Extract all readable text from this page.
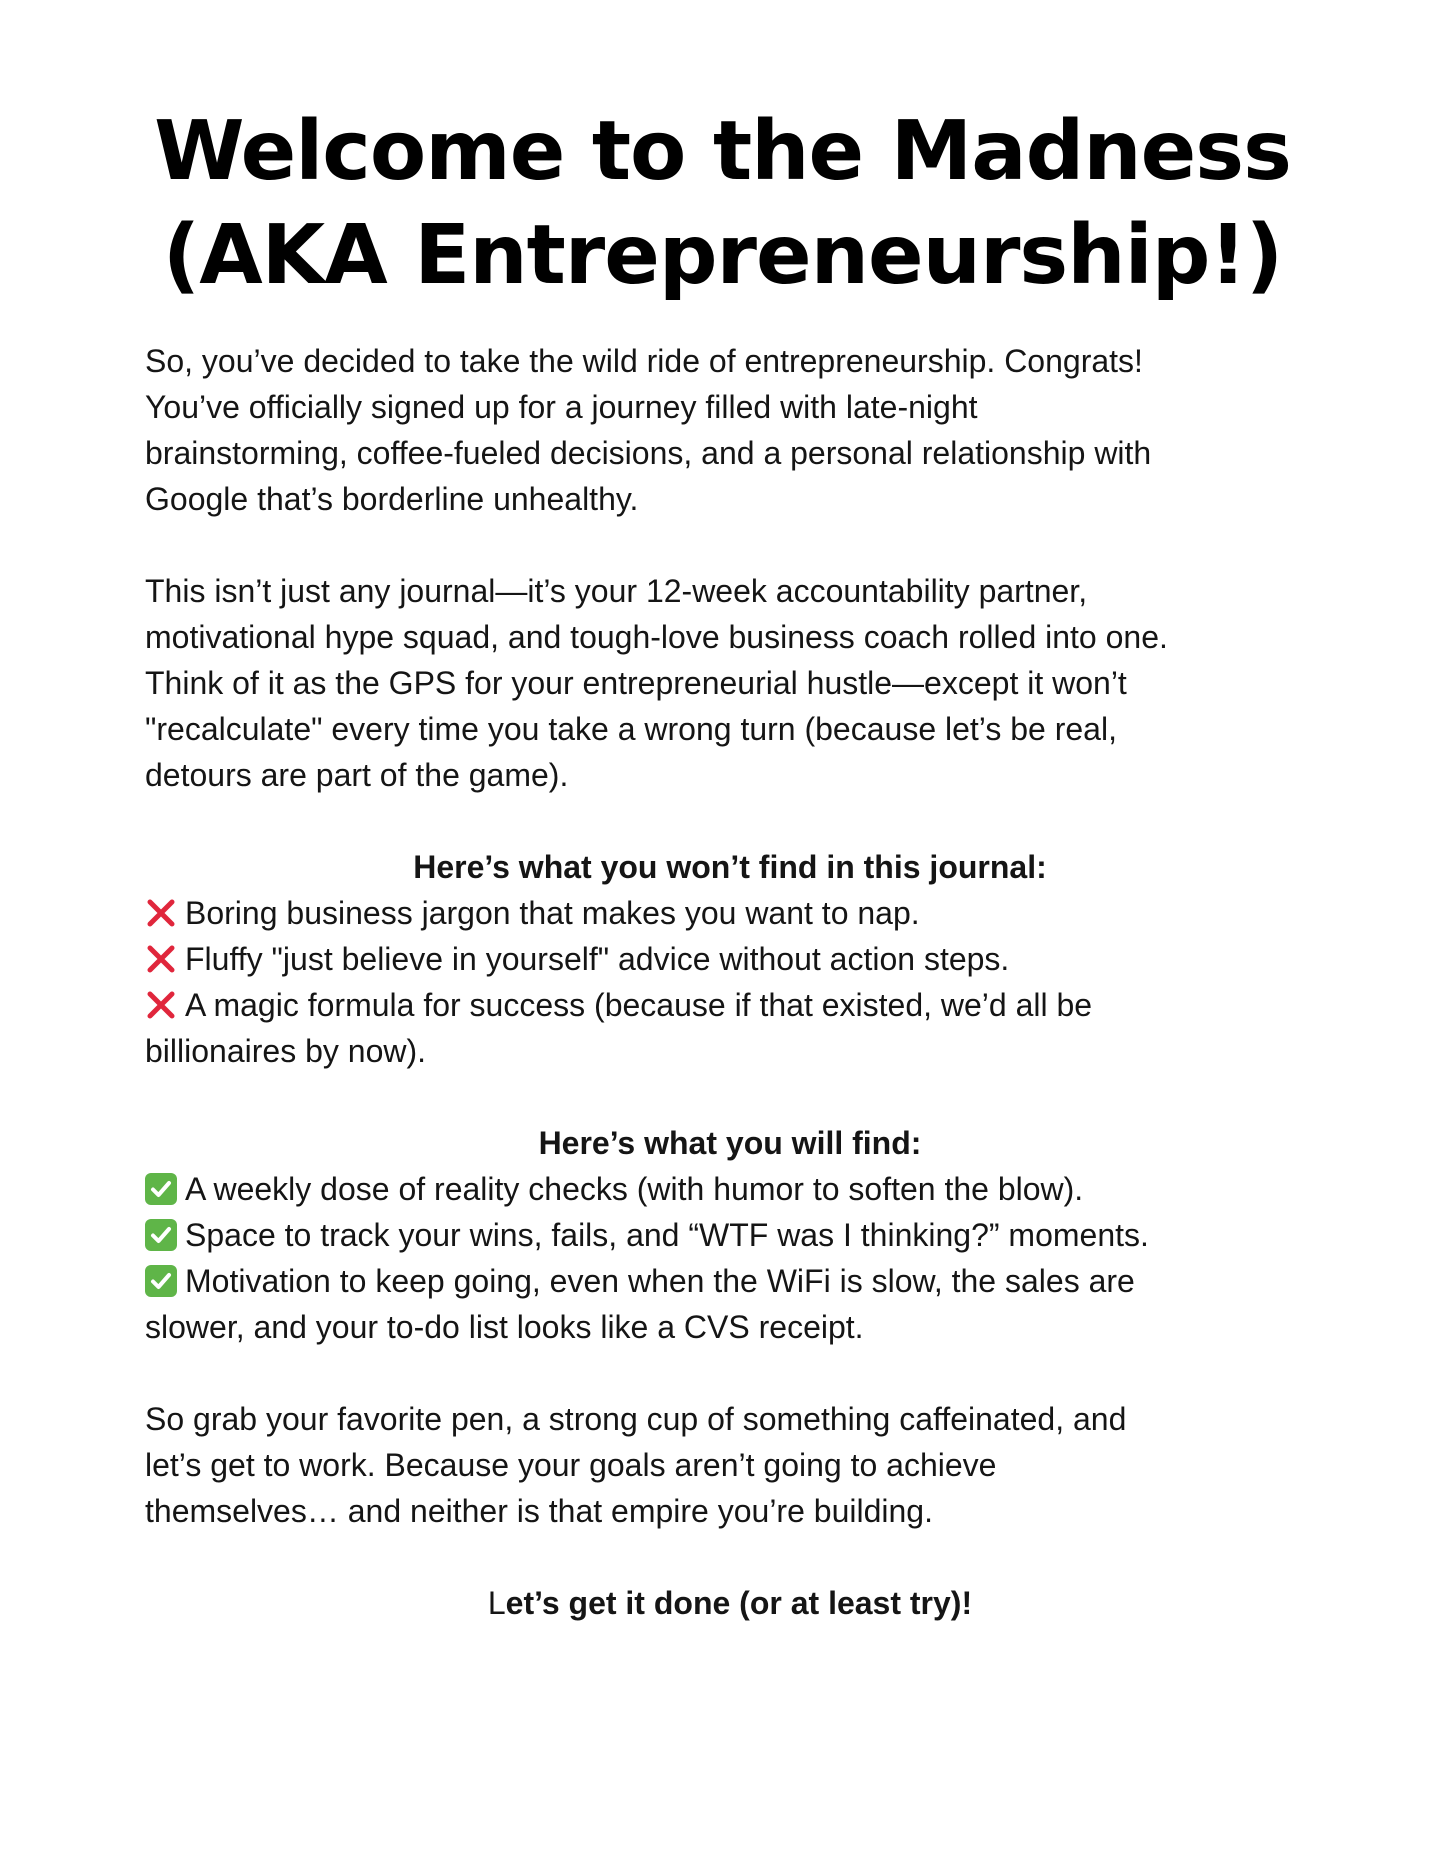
Welcome to the Madness
(AKA Entrepreneurship!)

So, you’ve decided to take the wild ride of entrepreneurship. Congrats!
You’ve officially signed up for a journey filled with late-night
brainstorming, coffee-fueled decisions, and a personal relationship with
Google that’s borderline unhealthy.

This isn’t just any journal—it’s your 12-week accountability partner,
motivational hype squad, and tough-love business coach rolled into one.
Think of it as the GPS for your entrepreneurial hustle—except it won’t
"recalculate" every time you take a wrong turn (because let’s be real,
detours are part of the game).

Here’s what you won’t find in this journal:

Boring business jargon that makes you want to nap.
Fluffy "just believe in yourself" advice without action steps.
A magic formula for success (because if that existed, we’d all be
billionaires by now).

Here’s what you will find:

A weekly dose of reality checks (with humor to soften the blow).
Space to track your wins, fails, and “WTF was I thinking?” moments.
Motivation to keep going, even when the WiFi is slow, the sales are
slower, and your to-do list looks like a CVS receipt.

So grab your favorite pen, a strong cup of something caffeinated, and
let’s get to work. Because your goals aren’t going to achieve
themselves… and neither is that empire you’re building.

Let’s get it done (or at least try)!
